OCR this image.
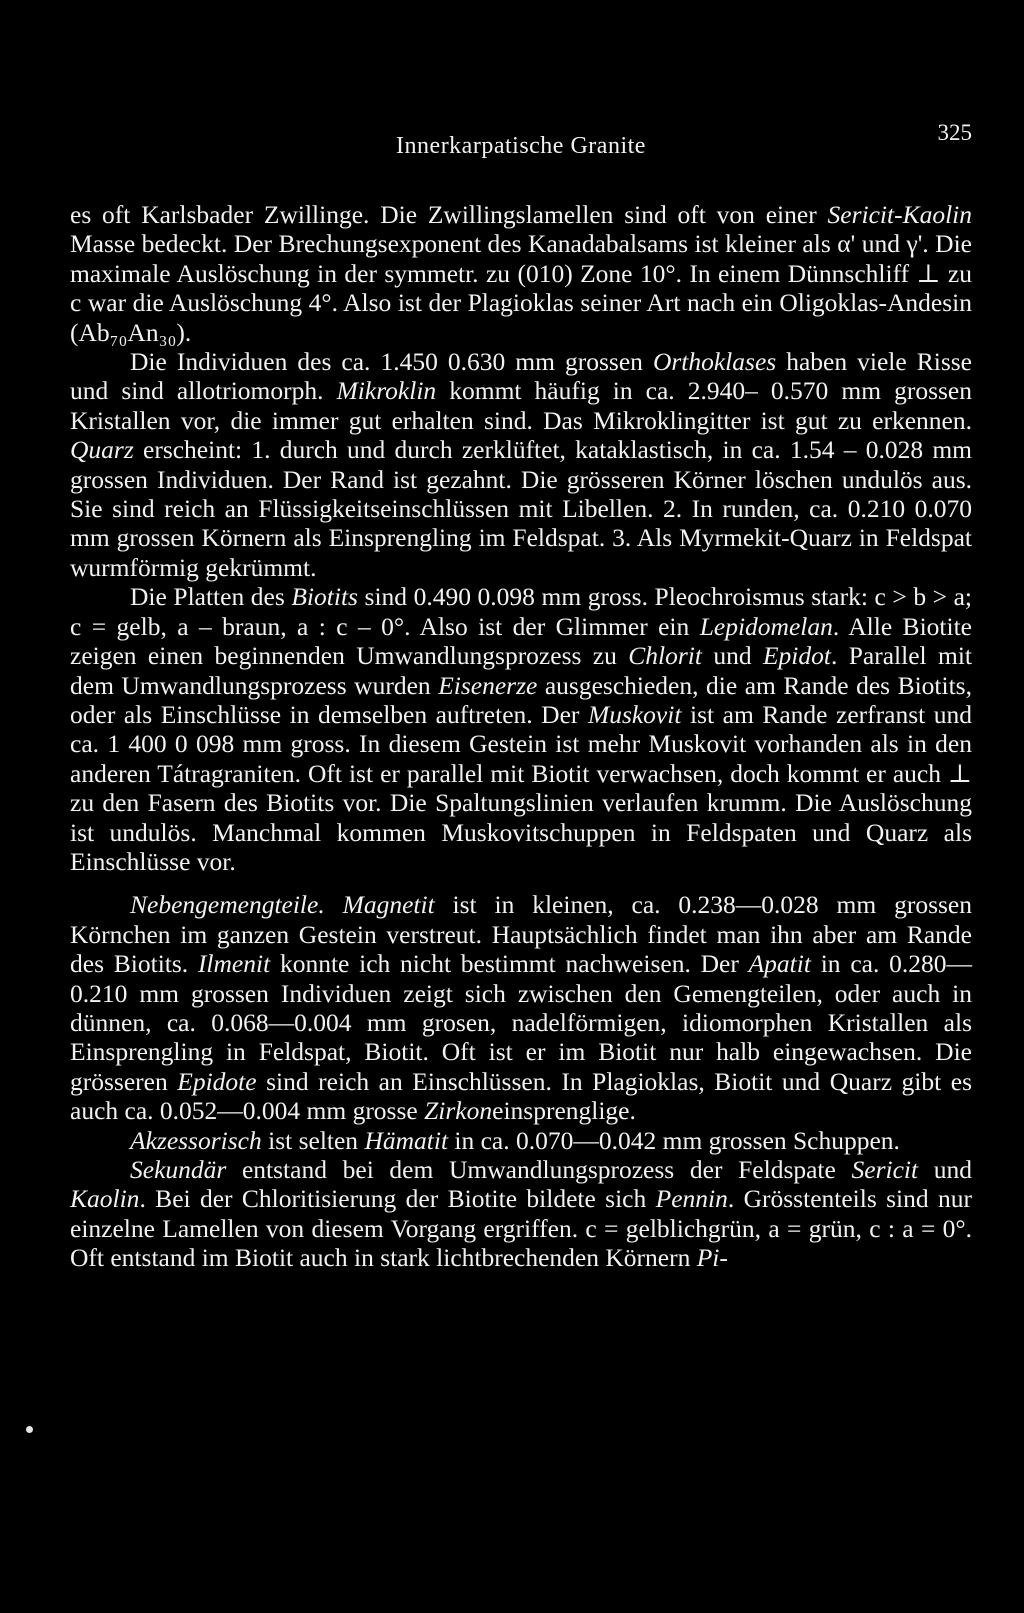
Innerkarpatische Granite
325

es oft Karlsbader Zwillinge. Die Zwillingslamellen sind oft von einer Sericit-Kaolin Masse bedeckt. Der Brechungsexponent des Kanadabalsams ist kleiner als α' und γ'. Die maximale Auslöschung in der symmetr. zu (010) Zone 10°. In einem Dünnschliff ⊥ zu c war die Auslöschung 4°. Also ist der Plagioklas seiner Art nach ein Oligoklas-Andesin (Ab₇₀An₃₀).

Die Individuen des ca. 1.450 0.630 mm grossen Orthoklases haben viele Risse und sind allotriomorph. Mikroklin kommt häufig in ca. 2.940– 0.570 mm grossen Kristallen vor, die immer gut erhalten sind. Das Mikroklingitter ist gut zu erkennen. Quarz erscheint: 1. durch und durch zerklüftet, kataklastisch, in ca. 1.54 – 0.028 mm grossen Individuen. Der Rand ist gezahnt. Die grösseren Körner löschen undulös aus. Sie sind reich an Flüssigkeitseinschlüssen mit Libellen. 2. In runden, ca. 0.210 0.070 mm grossen Körnern als Einsprengling im Feldspat. 3. Als Myrmekit-Quarz in Feldspat wurmförmig gekrümmt.

Die Platten des Biotits sind 0.490 0.098 mm gross. Pleochroismus stark: c > b > a; c = gelb, a – braun, a : c – 0°. Also ist der Glimmer ein Lepidomelan. Alle Biotite zeigen einen beginnenden Umwandlungsprozess zu Chlorit und Epidot. Parallel mit dem Umwandlungsprozess wurden Eisenerze ausgeschieden, die am Rande des Biotits, oder als Einschlüsse in demselben auftreten. Der Muskovit ist am Rande zerfranst und ca. 1 400 0 098 mm gross. In diesem Gestein ist mehr Muskovit vorhanden als in den anderen Tátragraniten. Oft ist er parallel mit Biotit verwachsen, doch kommt er auch ⊥ zu den Fasern des Biotits vor. Die Spaltungslinien verlaufen krumm. Die Auslöschung ist undulös. Manchmal kommen Muskovitschuppen in Feldspaten und Quarz als Einschlüsse vor.

Nebengemengteile. Magnetit ist in kleinen, ca. 0.238—0.028 mm grossen Körnchen im ganzen Gestein verstreut. Hauptsächlich findet man ihn aber am Rande des Biotits. Ilmenit konnte ich nicht bestimmt nachweisen. Der Apatit in ca. 0.280—0.210 mm grossen Individuen zeigt sich zwischen den Gemengteilen, oder auch in dünnen, ca. 0.068—0.004 mm grosen, nadelförmigen, idiomorphen Kristallen als Einsprengling in Feldspat, Biotit. Oft ist er im Biotit nur halb eingewachsen. Die grösseren Epidote sind reich an Einschlüssen. In Plagioklas, Biotit und Quarz gibt es auch ca. 0.052—0.004 mm grosse Zirkoneinsprenglige.

Akzessorisch ist selten Hämatit in ca. 0.070—0.042 mm grossen Schuppen.

Sekundär entstand bei dem Umwandlungsprozess der Feldspate Sericit und Kaolin. Bei der Chloritisierung der Biotite bildete sich Pennin. Grösstenteils sind nur einzelne Lamellen von diesem Vorgang ergriffen. c = gelblichgrün, a = grün, c : a = 0°. Oft entstand im Biotit auch in stark lichtbrechenden Körnern Pi-
